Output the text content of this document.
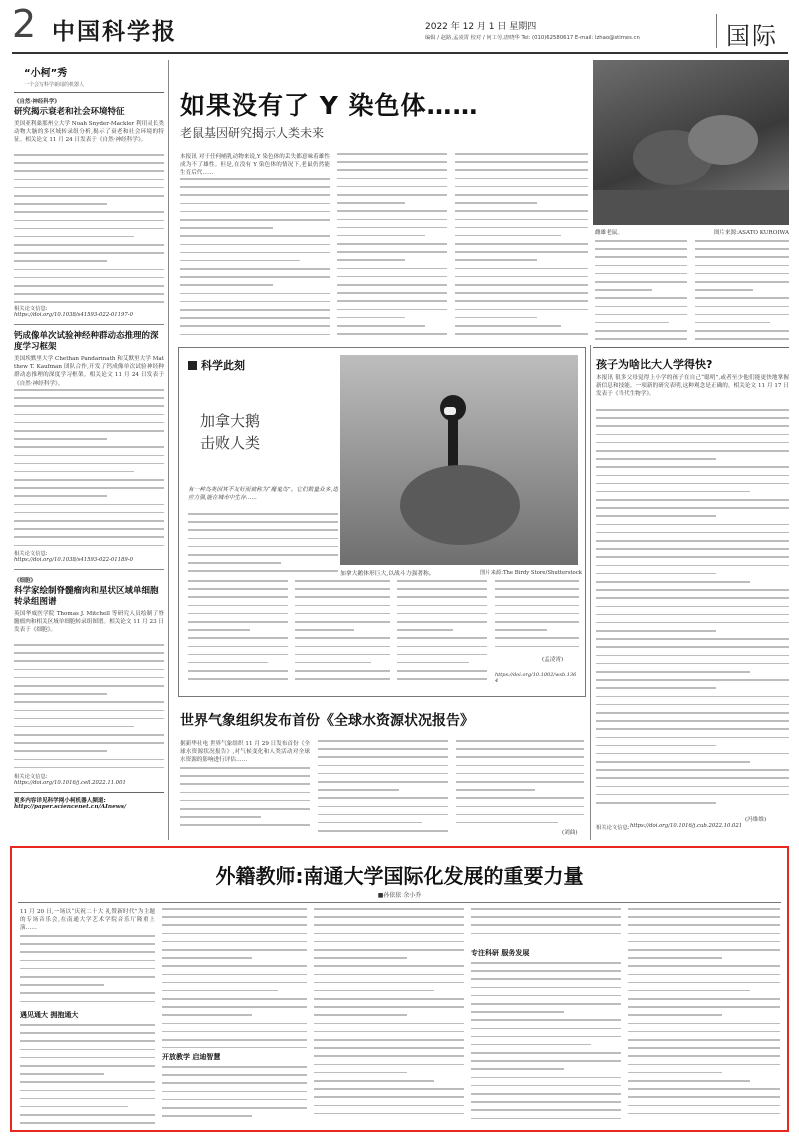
2 中国科学报	2022 年 12 月 1 日 星期四
编辑 / 赵路,孟凌霄 校对 / 何工劳,唐晓华 Tel: (010)62580617 E-mail: lzhao@stimes.cn	国际
“小柯”秀
一个会写科学新闻的机器人
《自然·神经科学》
研究揭示衰老和社会环境特征
美国亚利桑那州立大学 Noah Snyder-Mackler 利用灵长类动物大脑的多区域转录组分析,揭示了衰老和社会环境的特征。相关论文 11 月 24 日发表于《自然·神经科学》。
相关论文信息:
https://doi.org/10.1038/s41593-022-01197-0
钙成像单次试验神经种群动态推理的深度学习框架
美国埃默里大学 Chethan Pandarinath 和艾默里大学 Matthew T. Kaufman 团队合作,开发了钙成像单次试验神经种群动态推理的深度学习框架。相关论文 11 月 24 日发表于《自然·神经科学》。
相关论文信息:
https://doi.org/10.1038/s41593-022-01189-0
《细胞》
科学家绘制脊髓瘤肉和星状区域单细胞转录组图谱
英国华威医学院 Thomas J. Mitchell 等研究人员绘制了脊髓瘤肉和相关区域单细胞转录组图谱。相关论文 11 月 23 日发表于《细胞》。
相关论文信息:
https://doi.org/10.1016/j.cell.2022.11.001
更多内容详见科学网小柯机器人频道:
http://paper.sciencenet.cn/AInews/
如果没有了 Y 染色体……
老鼠基因研究揭示人类未来
本报讯 对于任何哺乳动物来说,Y 染色体的丢失都意味着雄性成为不了雄性。但是,在没有 Y 染色体的情况下,老鼠仍然能生育后代……
雌雄老鼠。	图片来源:ASATO KUROIWA
孩子为啥比大人学得快?
本报讯 很多父母觉得上小学的孩子在自己“聪明”,或者至少他们能更快地掌握新信息和技能。一项新的研究表明,这种观念是正确的。相关论文 11 月 17 日发表于《当代生物学》。
(冯维维)
相关论文信息: https://doi.org/10.1016/j.cub.2022.10.021
科学此刻
加拿大鹅击败人类
有一种鸟类因其不友好而被称为“魔鬼鸟”。它们数量众多,适应力强,能在城市中生存……
加拿大鹅体形巨大,以战斗力强著称。	图片来源:The Birdy Store/Shutterstock
(孟凌霄)
https://doi.org/10.1002/wsb.1364
世界气象组织发布首份《全球水资源状况报告》
据新华社电 世界气象组织 11 月 29 日发布首份《全球水资源状况报告》,对气候变化和人类活动对全球水资源的影响进行评估……
(刘曲)
外籍教师:南通大学国际化发展的重要力量
■孙依依 余小乔
11 月 20 日,一场以“庆祝二十大 礼赞新时代”为主题的专场音乐会,在南通大学艺术学院音乐厅隆重上演……
遇见通大 拥抱通大
开放教学 启迪智慧
专注科研 服务发展
